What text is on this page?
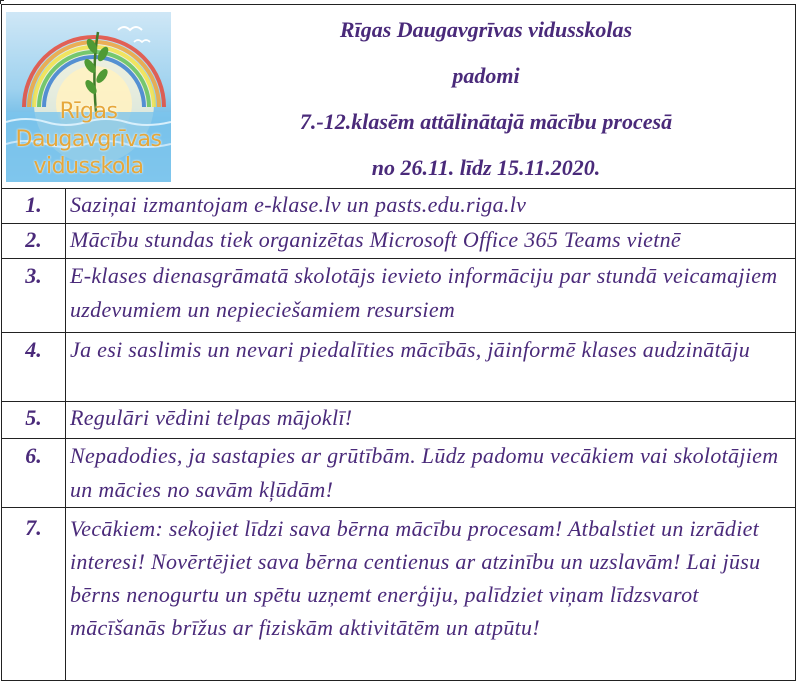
Rīgas
Daugavgrīvas
vidusskola
Rīgas Daugavgrīvas vidusskolas
padomi
7.-12.klasēm attālinātajā mācību procesā
no 26.11. līdz 15.11.2020.
1.	Saziņai izmantojam e-klase.lv un pasts.edu.riga.lv
2.	Mācību stundas tiek organizētas Microsoft Office 365 Teams vietnē
3.	E-klases dienasgrāmatā skolotājs ievieto informāciju par stundā veicamajiem uzdevumiem un nepieciešamiem resursiem
4.	Ja esi saslimis un nevari piedalīties mācībās, jāinformē klases audzinātāju
5.	Regulāri vēdini telpas mājoklī!
6.	Nepadodies, ja sastapies ar grūtībām. Lūdz padomu vecākiem vai skolotājiem un mācies no savām kļūdām!
7.	Vecākiem: sekojiet līdzi sava bērna mācību procesam! Atbalstiet un izrādiet interesi! Novērtējiet sava bērna centienus ar atzinību un uzslavām! Lai jūsu bērns nenogurtu un spētu uzņemt enerģiju, palīdziet viņam līdzsvarot mācīšanās brīžus ar fiziskām aktivitātēm un atpūtu!
